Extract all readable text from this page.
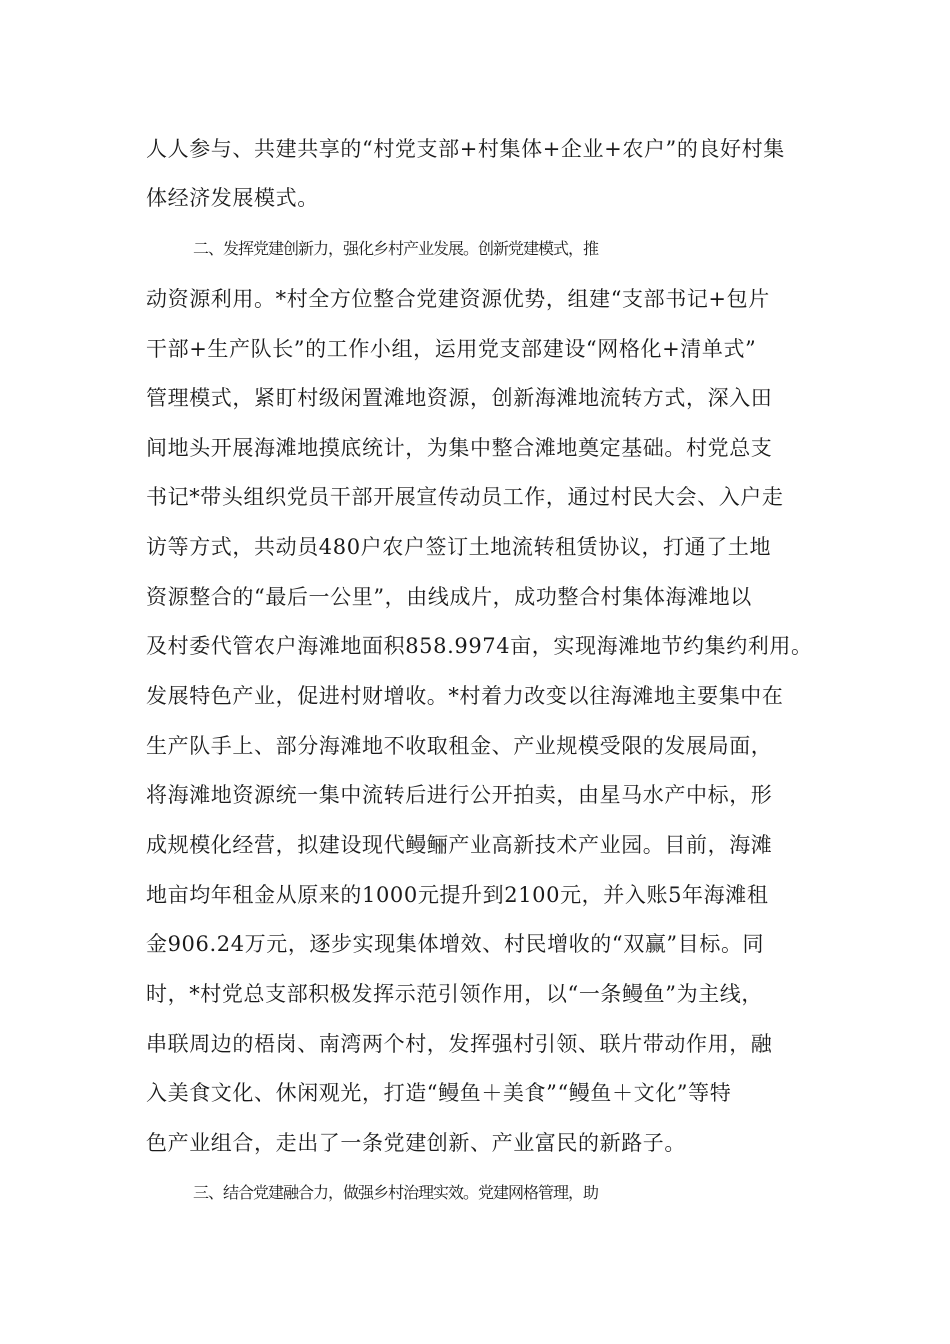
人人参与、共建共享的“村党支部+村集体+企业+农户”的良好村集
体经济发展模式。
二、发挥党建创新力，强化乡村产业发展。创新党建模式，推
动资源利用。*村全方位整合党建资源优势，组建“支部书记+包片
干部+生产队长”的工作小组，运用党支部建设“网格化+清单式”
管理模式，紧盯村级闲置滩地资源，创新海滩地流转方式，深入田
间地头开展海滩地摸底统计，为集中整合滩地奠定基础。村党总支
书记*带头组织党员干部开展宣传动员工作，通过村民大会、入户走
访等方式，共动员480户农户签订土地流转租赁协议，打通了土地
资源整合的“最后一公里”，由线成片，成功整合村集体海滩地以
及村委代管农户海滩地面积858.9974亩，实现海滩地节约集约利用。
发展特色产业，促进村财增收。*村着力改变以往海滩地主要集中在
生产队手上、部分海滩地不收取租金、产业规模受限的发展局面，
将海滩地资源统一集中流转后进行公开拍卖，由星马水产中标，形
成规模化经营，拟建设现代鳗鲡产业高新技术产业园。目前，海滩
地亩均年租金从原来的1000元提升到2100元，并入账5年海滩租
金906.24万元，逐步实现集体增效、村民增收的“双赢”目标。同
时，*村党总支部积极发挥示范引领作用，以“一条鳗鱼”为主线，
串联周边的梧岗、南湾两个村，发挥强村引领、联片带动作用，融
入美食文化、休闲观光，打造“鳗鱼＋美食”“鳗鱼＋文化”等特
色产业组合，走出了一条党建创新、产业富民的新路子。
三、结合党建融合力，做强乡村治理实效。党建网格管理，助
